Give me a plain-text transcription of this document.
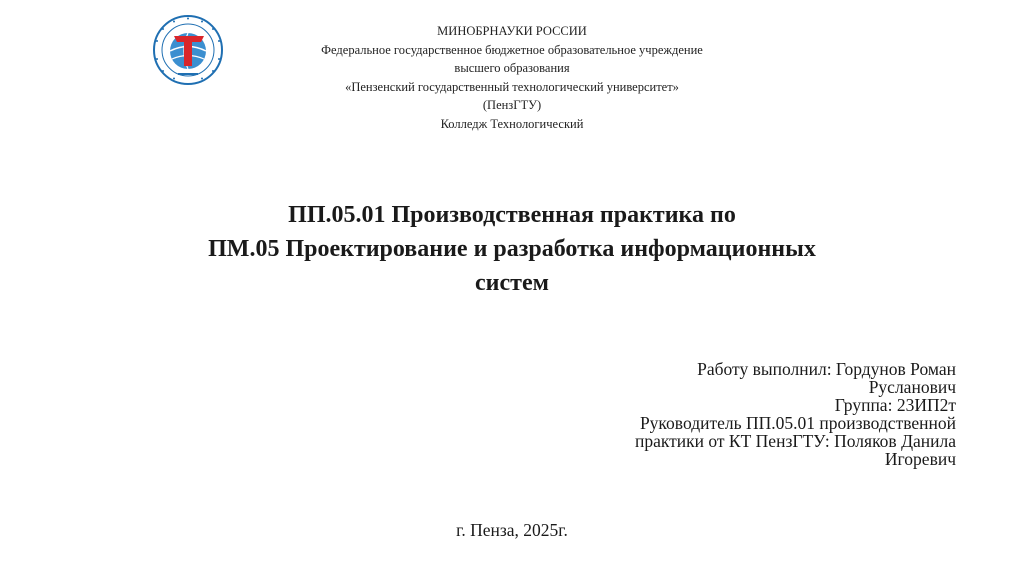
МИНОБРНАУКИ РОССИИ
Федеральное государственное бюджетное образовательное учреждение
высшего образования
«Пензенский государственный технологический университет»
(ПензГТУ)
Колледж Технологический
ПП.05.01 Производственная практика по
ПМ.05 Проектирование и разработка информационных
систем
Работу выполнил: Гордунов Роман
Русланович
Группа: 23ИП2т
Руководитель ПП.05.01 производственной
практики от КТ ПензГТУ: Поляков Данила
Игоревич
г. Пенза, 2025г.
